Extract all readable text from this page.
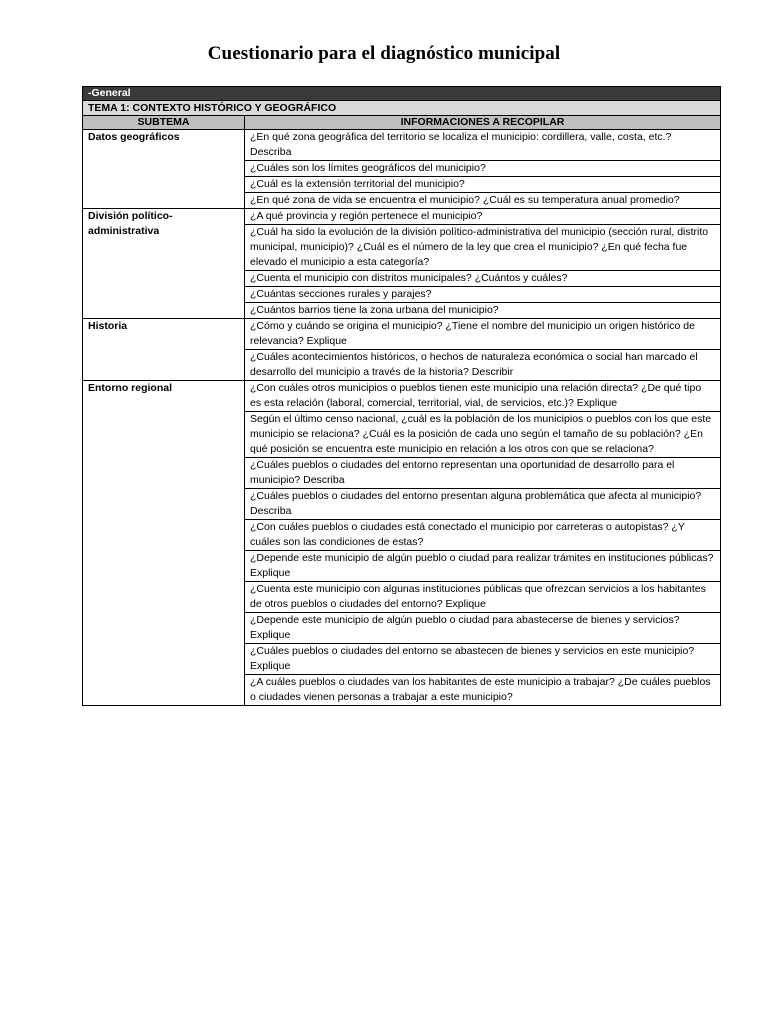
Cuestionario para el diagnóstico municipal
-General	
TEMA 1: CONTEXTO HISTÓRICO Y GEOGRÁFICO	
SUBTEMA	INFORMACIONES A RECOPILAR
Datos geográficos	¿En qué zona geográfica del territorio se localiza el municipio: cordillera, valle, costa, etc.? Describa
	¿Cuáles son los límites geográficos del municipio?
	¿Cuál es la extensión territorial del municipio?
	¿En qué zona de vida se encuentra el municipio? ¿Cuál es su temperatura anual promedio?
División político-administrativa	¿A qué provincia y región pertenece el municipio?
	¿Cuál ha sido la evolución de la división político-administrativa del municipio (sección rural, distrito municipal, municipio)? ¿Cuál es el número de la ley que crea el municipio? ¿En qué fecha fue elevado el municipio a esta categoría?
	¿Cuenta el municipio con distritos municipales? ¿Cuántos y cuáles?
	¿Cuántas secciones rurales y parajes?
	¿Cuántos barrios tiene la zona urbana del municipio?
Historia	¿Cómo y cuándo se origina el municipio? ¿Tiene el nombre del municipio un origen histórico de relevancia? Explique
	¿Cuáles acontecimientos históricos, o hechos de naturaleza económica o social han marcado el desarrollo del municipio a través de la historia? Describir
Entorno regional	¿Con cuáles otros municipios o pueblos tienen este municipio una relación directa? ¿De qué tipo es esta relación (laboral, comercial, territorial, vial, de servicios, etc.)? Explique
	Según el último censo nacional, ¿cuál es la población de los municipios o pueblos con los que este municipio se relaciona? ¿Cuál es la posición de cada uno según el tamaño de su población? ¿En qué posición se encuentra este municipio en relación a los otros con que se relaciona?
	¿Cuáles pueblos o ciudades del entorno representan una oportunidad de desarrollo para el municipio? Describa
	¿Cuáles pueblos o ciudades del entorno presentan alguna problemática que afecta al municipio? Describa
	¿Con cuáles pueblos o ciudades está conectado el municipio por carreteras o autopistas? ¿Y cuáles son las condiciones de estas?
	¿Depende este municipio de algún pueblo o ciudad para realizar trámites en instituciones públicas? Explique
	¿Cuenta este municipio con algunas instituciones públicas que ofrezcan servicios a los habitantes de otros pueblos o ciudades del entorno? Explique
	¿Depende este municipio de algún pueblo o ciudad para abastecerse de bienes y servicios? Explique
	¿Cuáles pueblos o ciudades del entorno se abastecen de bienes y servicios en este municipio? Explique
	¿A cuáles pueblos o ciudades van los habitantes de este municipio a trabajar? ¿De cuáles pueblos o ciudades vienen personas a trabajar a este municipio?
